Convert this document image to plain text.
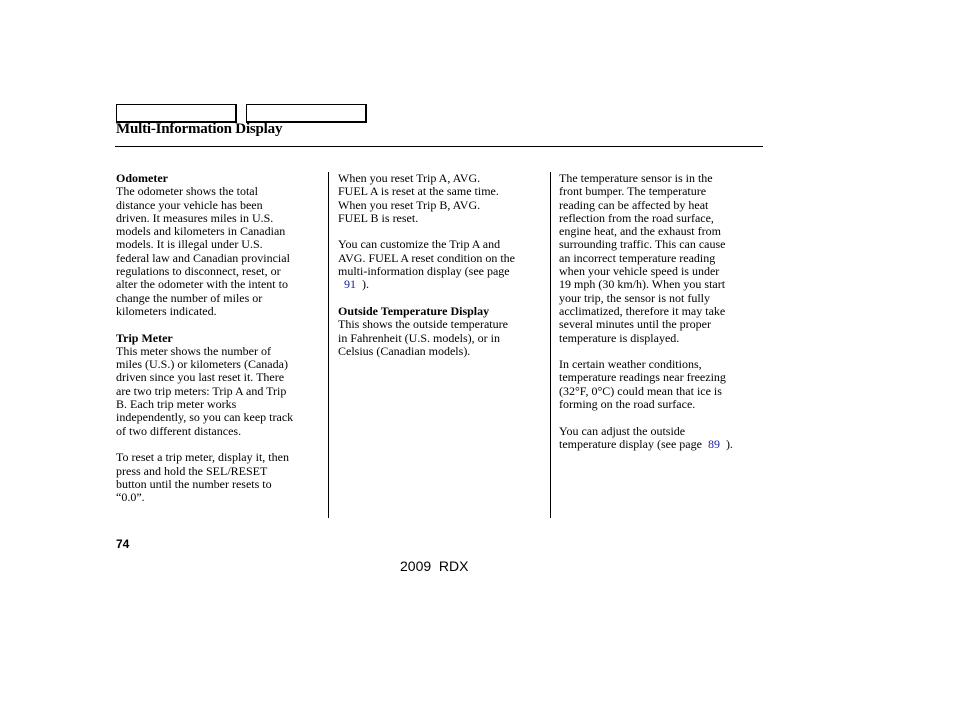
Multi-Information Display
Odometer
The odometer shows the total
distance your vehicle has been
driven. It measures miles in U.S.
models and kilometers in Canadian
models. It is illegal under U.S.
federal law and Canadian provincial
regulations to disconnect, reset, or
alter the odometer with the intent to
change the number of miles or
kilometers indicated.
Trip Meter
This meter shows the number of
miles (U.S.) or kilometers (Canada)
driven since you last reset it. There
are two trip meters: Trip A and Trip
B. Each trip meter works
independently, so you can keep track
of two different distances.
To reset a trip meter, display it, then
press and hold the SEL/RESET
button until the number resets to
“0.0”.
When you reset Trip A, AVG.
FUEL A is reset at the same time.
When you reset Trip B, AVG.
FUEL B is reset.
You can customize the Trip A and
AVG. FUEL A reset condition on the
multi-information display (see page
91 ).
Outside Temperature Display
This shows the outside temperature
in Fahrenheit (U.S. models), or in
Celsius (Canadian models).
The temperature sensor is in the
front bumper. The temperature
reading can be affected by heat
reflection from the road surface,
engine heat, and the exhaust from
surrounding traffic. This can cause
an incorrect temperature reading
when your vehicle speed is under
19 mph (30 km/h). When you start
your trip, the sensor is not fully
acclimatized, therefore it may take
several minutes until the proper
temperature is displayed.
In certain weather conditions,
temperature readings near freezing
(32°F, 0°C) could mean that ice is
forming on the road surface.
You can adjust the outside
temperature display (see page 89 ).
74
2009  RDX
